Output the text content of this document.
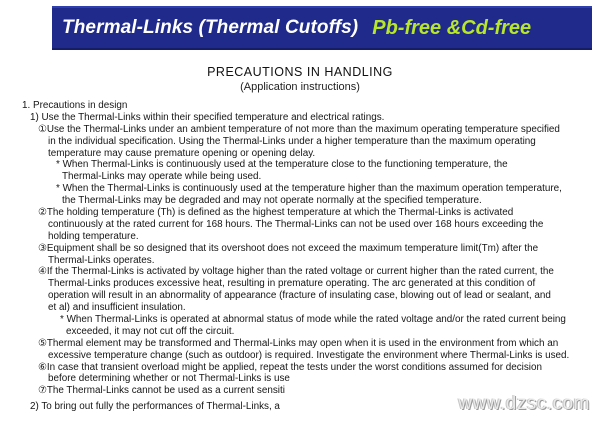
Thermal-Links (Thermal Cutoffs) Pb-free &Cd-free
PRECAUTIONS IN HANDLING
(Application instructions)
1. Precautions in design
1) Use the Thermal-Links within their specified temperature and electrical ratings.
①Use the Thermal-Links under an ambient temperature of not more than the maximum operating temperature specified
in the individual specification. Using the Thermal-Links under a higher temperature than the maximum operating
temperature may cause premature opening or opening delay.
* When Thermal-Links is continuously used at the temperature close to the functioning temperature, the
Thermal-Links may operate while being used.
* When the Thermal-Links is continuously used at the temperature higher than the maximum operation temperature,
the Thermal-Links may be degraded and may not operate normally at the specified temperature.
②The holding temperature (Th) is defined as the highest temperature at which the Thermal-Links is activated
continuously at the rated current for 168 hours. The Thermal-Links can not be used over 168 hours exceeding the
holding temperature.
③Equipment shall be so designed that its overshoot does not exceed the maximum temperature limit(Tm) after the
Thermal-Links operates.
④If the Thermal-Links is activated by voltage higher than the rated voltage or current higher than the rated current, the
Thermal-Links produces excessive heat, resulting in premature operating. The arc generated at this condition of
operation will result in an abnormality of appearance (fracture of insulating case, blowing out of lead or sealant, and
et al) and insufficient insulation.
* When Thermal-Links is operated at abnormal status of mode while the rated voltage and/or the rated current being
exceeded, it may not cut off the circuit.
⑤Thermal element may be transformed and Thermal-Links may open when it is used in the environment from which an
excessive temperature change (such as outdoor) is required. Investigate the environment where Thermal-Links is used.
⑥In case that transient overload might be applied, repeat the tests under the worst conditions assumed for decision
before determining whether or not Thermal-Links is use
⑦The Thermal-Links cannot be used as a current sensiti
2) To bring out fully the performances of Thermal-Links, a	www.dzsc.com
